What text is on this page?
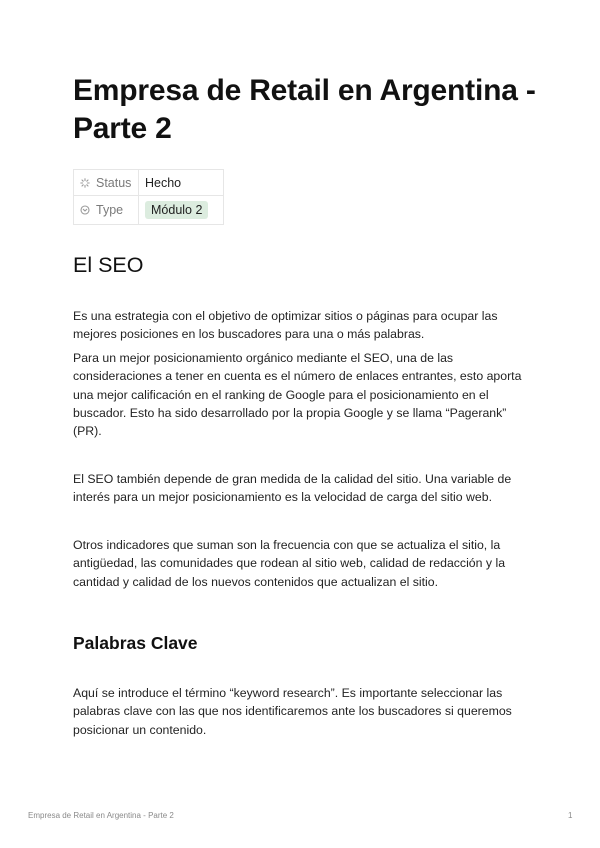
Empresa de Retail en Argentina - Parte 2
Status	Hecho
Type	Módulo 2
El SEO

Es una estrategia con el objetivo de optimizar sitios o páginas para ocupar las mejores posiciones en los buscadores para una o más palabras.

Para un mejor posicionamiento orgánico mediante el SEO, una de las consideraciones a tener en cuenta es el número de enlaces entrantes, esto aporta una mejor calificación en el ranking de Google para el posicionamiento en el buscador. Esto ha sido desarrollado por la propia Google y se llama “Pagerank” (PR).

El SEO también depende de gran medida de la calidad del sitio. Una variable de interés para un mejor posicionamiento es la velocidad de carga del sitio web.

Otros indicadores que suman son la frecuencia con que se actualiza el sitio, la antigüedad, las comunidades que rodean al sitio web, calidad de redacción y la cantidad y calidad de los nuevos contenidos que actualizan el sitio.

Palabras Clave

Aquí se introduce el término “keyword research”. Es importante seleccionar las palabras clave con las que nos identificaremos ante los buscadores si queremos posicionar un contenido.

Empresa de Retail en Argentina - Parte 2	1
